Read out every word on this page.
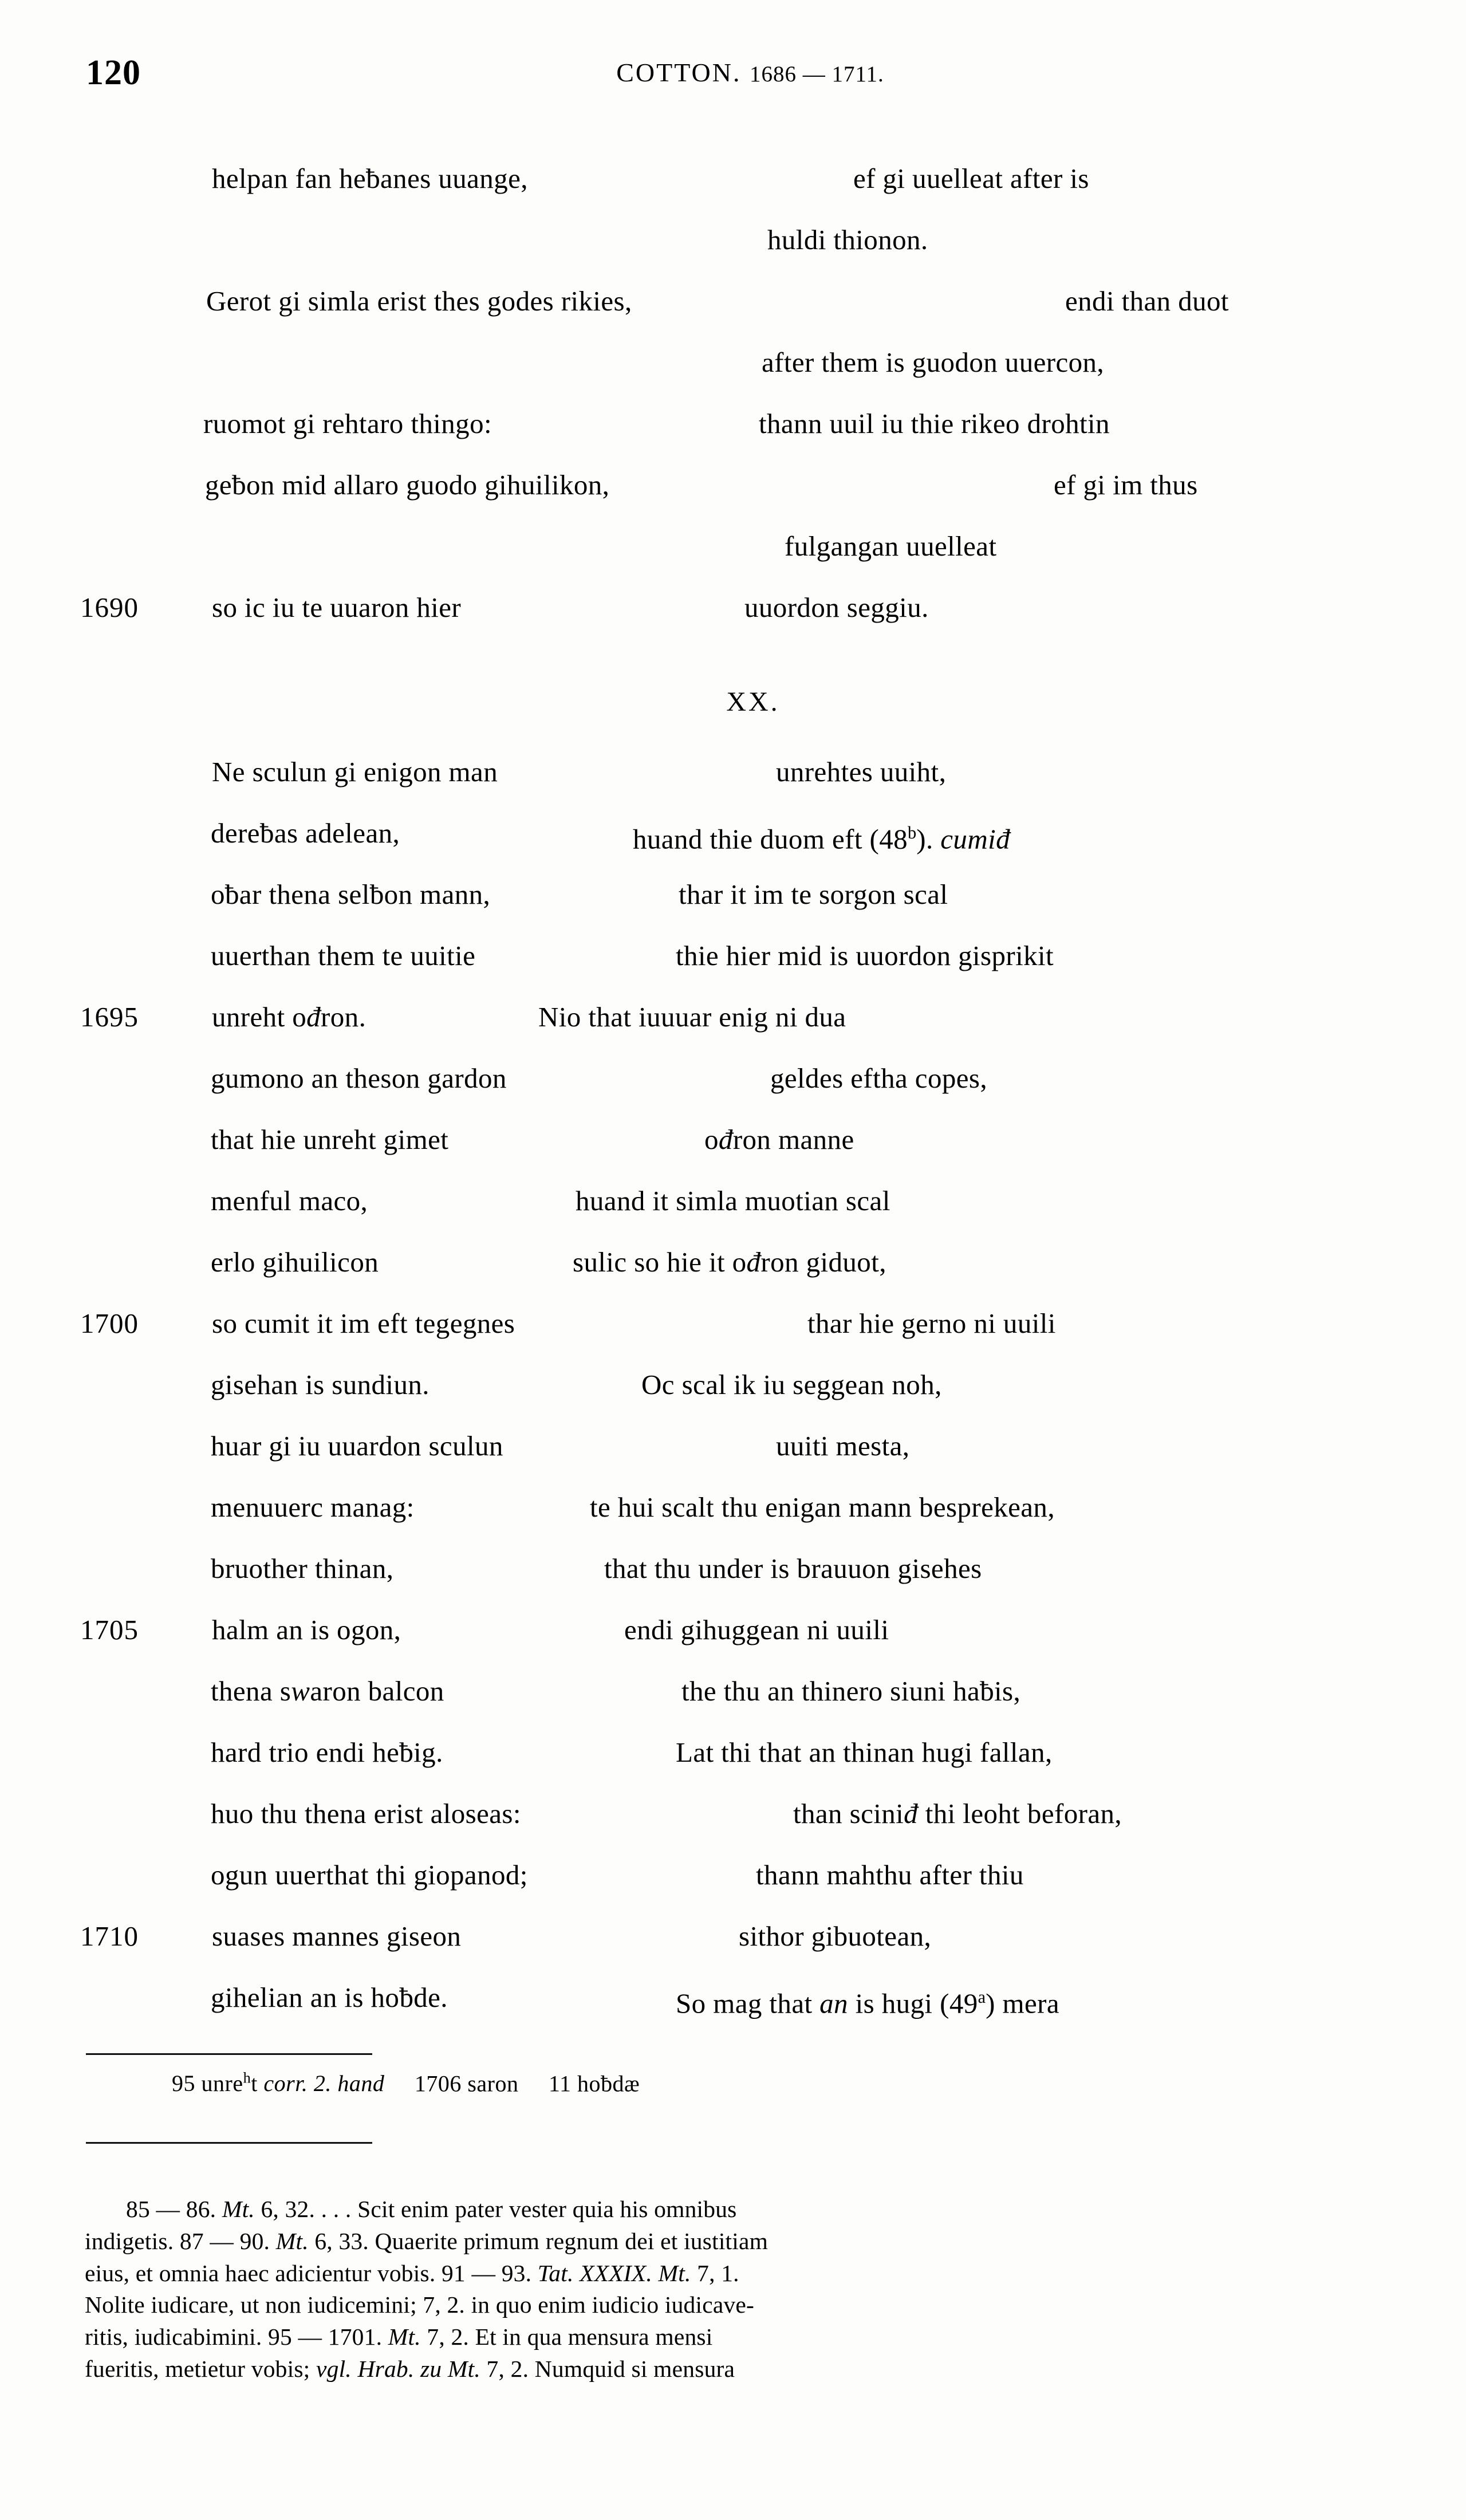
120	COTTON. 1686 — 1711.

helpan fan heƀanes uuange,

	ef gi uuelleat after is

huldi thionon.

Gerot gi simla erist thes godes rikies,

	endi than duot

after them is guodon uuercon,

ruomot gi rehtaro thingo:

	thann uuil iu thie rikeo drohtin

geƀon mid allaro guodo gihuilikon,

	ef gi im thus

fulgangan uuelleat

1690

	so ic iu te uuaron hier

	uuordon seggiu.

XX.

Ne sculun gi enigon man

	unrehtes uuiht,

dereƀas adelean,

	huand thie duom eft (48$^b$). cumiđ

oƀar thena selƀon mann,

	thar it im te sorgon scal

uuerthan them te uuitie

	thie hier mid is uuordon gisprikit

1695

	unreht ođron.

	Nio that iuuuar enig ni dua

gumono an theson gardon

	geldes eftha copes,

that hie unreht gimet

	ođron manne

menful maco,

	huand it simla muotian scal

erlo gihuilicon

	sulic so hie it ođron giduot,

1700

	so cumit it im eft tegegnes

	thar hie gerno ni uuili

gisehan is sundiun.

	Oc scal ik iu seggean noh,

huar gi iu uuardon sculun

	uuiti mesta,

menuuerc manag:

	te hui scalt thu enigan mann besprekean,

bruother thinan,

	that thu under is brauuon gisehes

1705

	halm an is ogon,

	endi gihuggean ni uuili

thena swaron balcon

	the thu an thinero siuni haƀis,

hard trio endi heƀig.

	Lat thi that an thinan hugi fallan,

huo thu thena erist aloseas:

	than sciniđ thi leoht beforan,

ogun uuerthat thi giopanod;

	thann mahthu after thiu

1710

	suases mannes giseon

	sithor gibuotean,

gihelian an is hoƀde.

	So mag that an is hugi (49$^a$) mera

95 unre$^h$t corr. 2. hand 1706 saron 11 hoƀdæ
85 — 86. Mt. 6, 32. . . . Scit enim pater vester quia his omnibus
indigetis. 87 — 90. Mt. 6, 33. Quaerite primum regnum dei et iustitiam
eius, et omnia haec adicientur vobis. 91 — 93. Tat. XXXIX. Mt. 7, 1.
Nolite iudicare, ut non iudicemini; 7, 2. in quo enim iudicio iudicave-
ritis, iudicabimini. 95 — 1701. Mt. 7, 2. Et in qua mensura mensi
fueritis, metietur vobis; vgl. Hrab. zu Mt. 7, 2. Numquid si mensura
